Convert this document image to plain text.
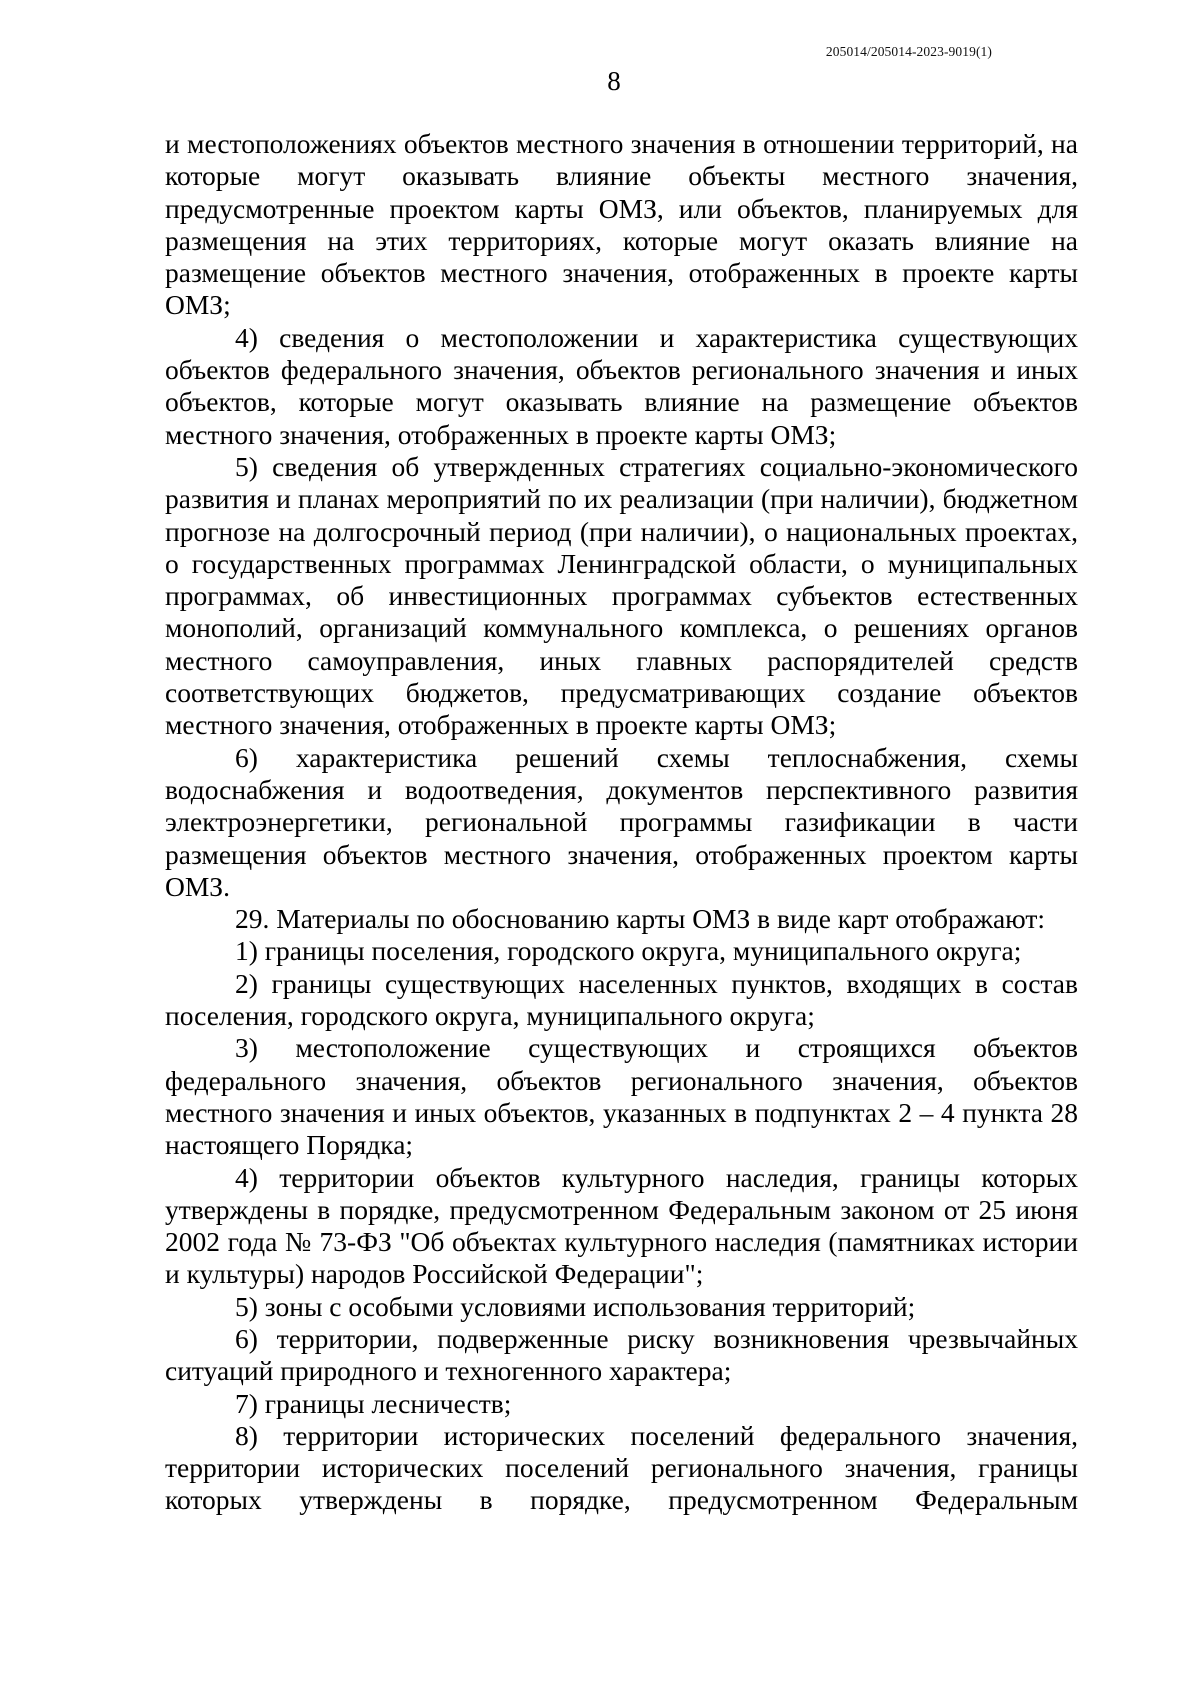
205014/205014-2023-9019(1)
8

и местоположениях объектов местного значения в отношении территорий, на которые могут оказывать влияние объекты местного значения, предусмотренные проектом карты ОМЗ, или объектов, планируемых для размещения на этих территориях, которые могут оказать влияние на размещение объектов местного значения, отображенных в проекте карты ОМЗ;

4) сведения о местоположении и характеристика существующих объектов федерального значения, объектов регионального значения и иных объектов, которые могут оказывать влияние на размещение объектов местного значения, отображенных в проекте карты ОМЗ;

5) сведения об утвержденных стратегиях социально-экономического развития и планах мероприятий по их реализации (при наличии), бюджетном прогнозе на долгосрочный период (при наличии), о национальных проектах, о государственных программах Ленинградской области, о муниципальных программах, об инвестиционных программах субъектов естественных монополий, организаций коммунального комплекса, о решениях органов местного самоуправления, иных главных распорядителей средств соответствующих бюджетов, предусматривающих создание объектов местного значения, отображенных в проекте карты ОМЗ;

6) характеристика решений схемы теплоснабжения, схемы водоснабжения и водоотведения, документов перспективного развития электроэнергетики, региональной программы газификации в части размещения объектов местного значения, отображенных проектом карты ОМЗ.

29. Материалы по обоснованию карты ОМЗ в виде карт отображают:

1) границы поселения, городского округа, муниципального округа;

2) границы существующих населенных пунктов, входящих в состав поселения, городского округа, муниципального округа;

3) местоположение существующих и строящихся объектов федерального значения, объектов регионального значения, объектов местного значения и иных объектов, указанных в подпунктах 2 – 4 пункта 28 настоящего Порядка;

4) территории объектов культурного наследия, границы которых утверждены в порядке, предусмотренном Федеральным законом от 25 июня 2002 года № 73-ФЗ "Об объектах культурного наследия (памятниках истории и культуры) народов Российской Федерации";

5) зоны с особыми условиями использования территорий;

6) территории, подверженные риску возникновения чрезвычайных ситуаций природного и техногенного характера;

7) границы лесничеств;

8) территории исторических поселений федерального значения, территории исторических поселений регионального значения, границы которых утверждены в порядке, предусмотренном Федеральным
